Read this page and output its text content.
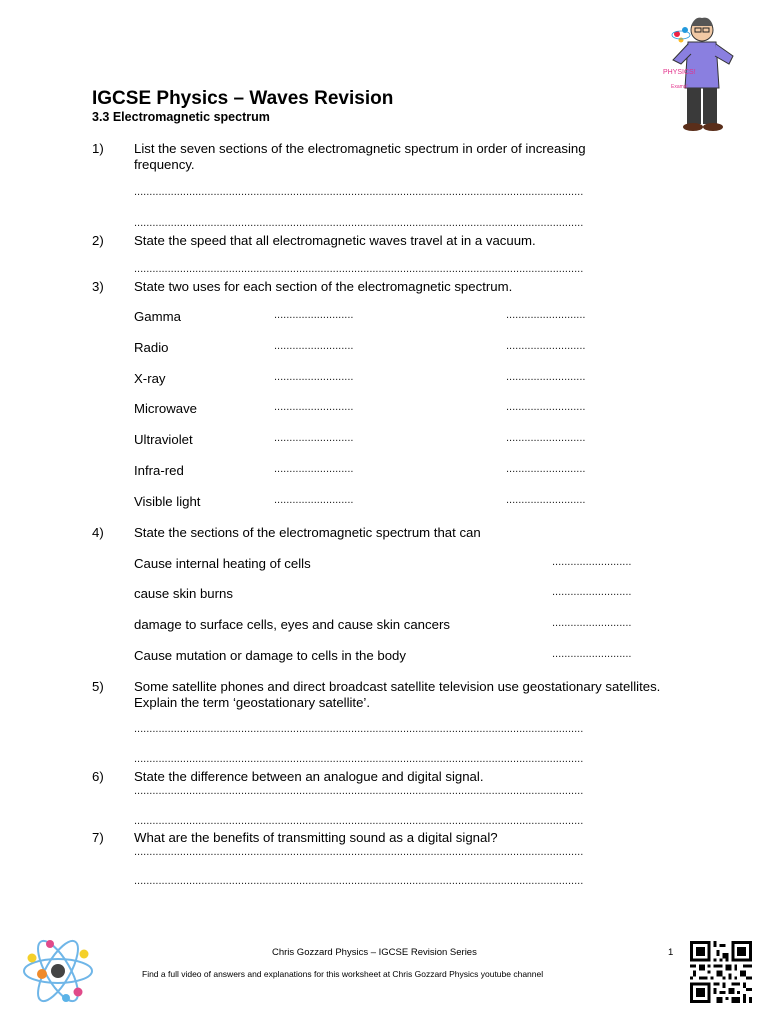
IGCSE Physics – Waves Revision
3.3 Electromagnetic spectrum
PHYSICS!
Exams!
1) List the seven sections of the electromagnetic spectrum in order of increasing frequency.
...................................................................................................................................................
...................................................................................................................................................
2) State the speed that all electromagnetic waves travel at in a vacuum.
...................................................................................................................................................
3) State two uses for each section of the electromagnetic spectrum.
Gamma	..........................	..........................
Radio	..........................	..........................
X-ray	..........................	..........................
Microwave	..........................	..........................
Ultraviolet	..........................	..........................
Infra-red	..........................	..........................
Visible light	..........................	..........................
4) State the sections of the electromagnetic spectrum that can
Cause internal heating of cells	..........................
cause skin burns	..........................
damage to surface cells, eyes and cause skin cancers	..........................
Cause mutation or damage to cells in the body	..........................
5) Some satellite phones and direct broadcast satellite television use geostationary satellites. Explain the term ‘geostationary satellite’.
...................................................................................................................................................
...................................................................................................................................................
6) State the difference between an analogue and digital signal.
...................................................................................................................................................
...................................................................................................................................................
7) What are the benefits of transmitting sound as a digital signal?
...................................................................................................................................................
...................................................................................................................................................
Chris Gozzard Physics – IGCSE Revision Series	1
Find a full video of answers and explanations for this worksheet at Chris Gozzard Physics youtube channel
